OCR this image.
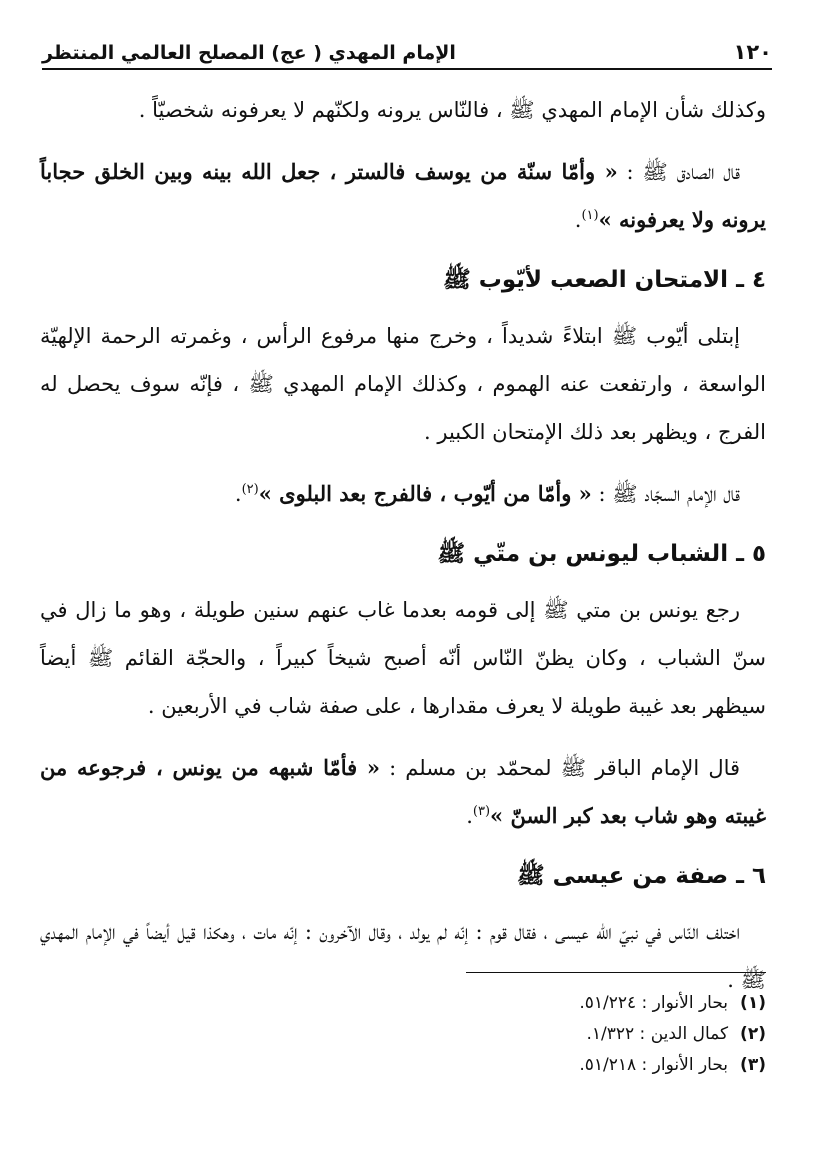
١٢٠
الإمام المهدي ( عج) المصلح العالمي المنتظر

وكذلك شأن الإمام المهدي ﷺ ، فالنّاس يرونه ولكنّهم لا يعرفونه شخصيّاً .

قال الصادق ﷺ : « وأمّا سنّة من يوسف فالستر ، جعل الله بينه وبين الخلق حجاباً يرونه ولا يعرفونه »$^{(١)}$.

٤ ـ الامتحان الصعب لأيّوب ﷺ

إبتلى أيّوب ﷺ ابتلاءً شديداً ، وخرج منها مرفوع الرأس ، وغمرته الرحمة الإلهيّة الواسعة ، وارتفعت عنه الهموم ، وكذلك الإمام المهدي ﷺ ، فإنّه سوف يحصل له الفرج ، ويظهر بعد ذلك الإمتحان الكبير .

قال الإمام السجّاد ﷺ : « وأمّا من أيّوب ، فالفرج بعد البلوى »$^{(٢)}$.

٥ ـ الشباب ليونس بن متّي ﷺ

رجع يونس بن متي ﷺ إلى قومه بعدما غاب عنهم سنين طويلة ، وهو ما زال في سنّ الشباب ، وكان يظنّ النّاس أنّه أصبح شيخاً كبيراً ، والحجّة القائم ﷺ أيضاً سيظهر بعد غيبة طويلة لا يعرف مقدارها ، على صفة شاب في الأربعين .

قال الإمام الباقر ﷺ لمحمّد بن مسلم : « فأمّا شبهه من يونس ، فرجوعه من غيبته وهو شاب بعد كبر السنّ »$^{(٣)}$.

٦ ـ صفة من عيسى ﷺ

اختلف النّاس في نبيّ الله عيسى ، فقال قوم : إنّه لم يولد ، وقال الآخرون : إنّه مات ، وهكذا قيل أيضاً في الإمام المهدي ﷺ .

(١)
بحار الأنوار : ٥١/٢٢٤.
(٢)
كمال الدين : ١/٣٢٢.
(٣)
بحار الأنوار : ٥١/٢١٨.
